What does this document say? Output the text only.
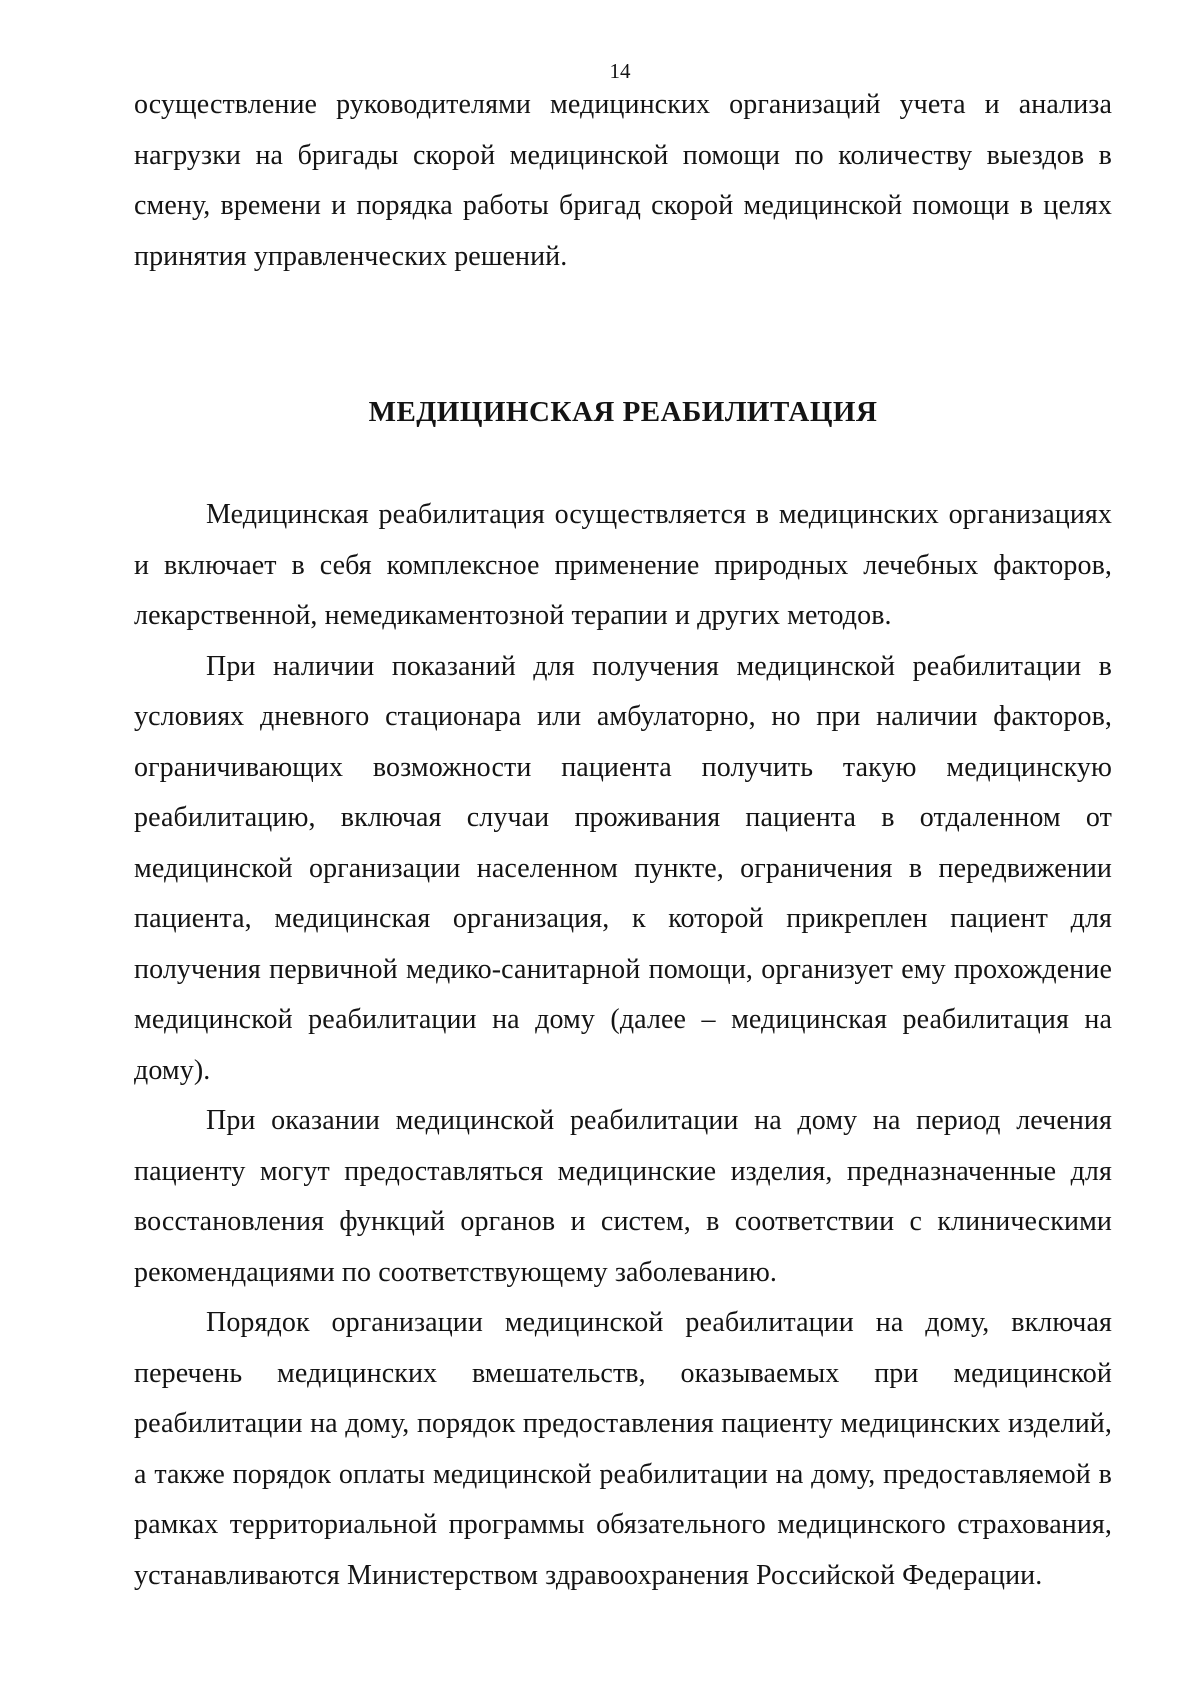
14

осуществление руководителями медицинских организаций учета и анализа нагрузки на бригады скорой медицинской помощи по количеству выездов в смену, времени и порядка работы бригад скорой медицинской помощи в целях принятия управленческих решений.

МЕДИЦИНСКАЯ РЕАБИЛИТАЦИЯ

Медицинская реабилитация осуществляется в медицинских организациях и включает в себя комплексное применение природных лечебных факторов, лекарственной, немедикаментозной терапии и других методов.

При наличии показаний для получения медицинской реабилитации в условиях дневного стационара или амбулаторно, но при наличии факторов, ограничивающих возможности пациента получить такую медицинскую реабилитацию, включая случаи проживания пациента в отдаленном от медицинской организации населенном пункте, ограничения в передвижении пациента, медицинская организация, к которой прикреплен пациент для получения первичной медико-санитарной помощи, организует ему прохождение медицинской реабилитации на дому (далее – медицинская реабилитация на дому).

При оказании медицинской реабилитации на дому на период лечения пациенту могут предоставляться медицинские изделия, предназначенные для восстановления функций органов и систем, в соответствии с клиническими рекомендациями по соответствующему заболеванию.

Порядок организации медицинской реабилитации на дому, включая перечень медицинских вмешательств, оказываемых при медицинской реабилитации на дому, порядок предоставления пациенту медицинских изделий, а также порядок оплаты медицинской реабилитации на дому, предоставляемой в рамках территориальной программы обязательного медицинского страхования, устанавливаются Министерством здравоохранения Российской Федерации.
